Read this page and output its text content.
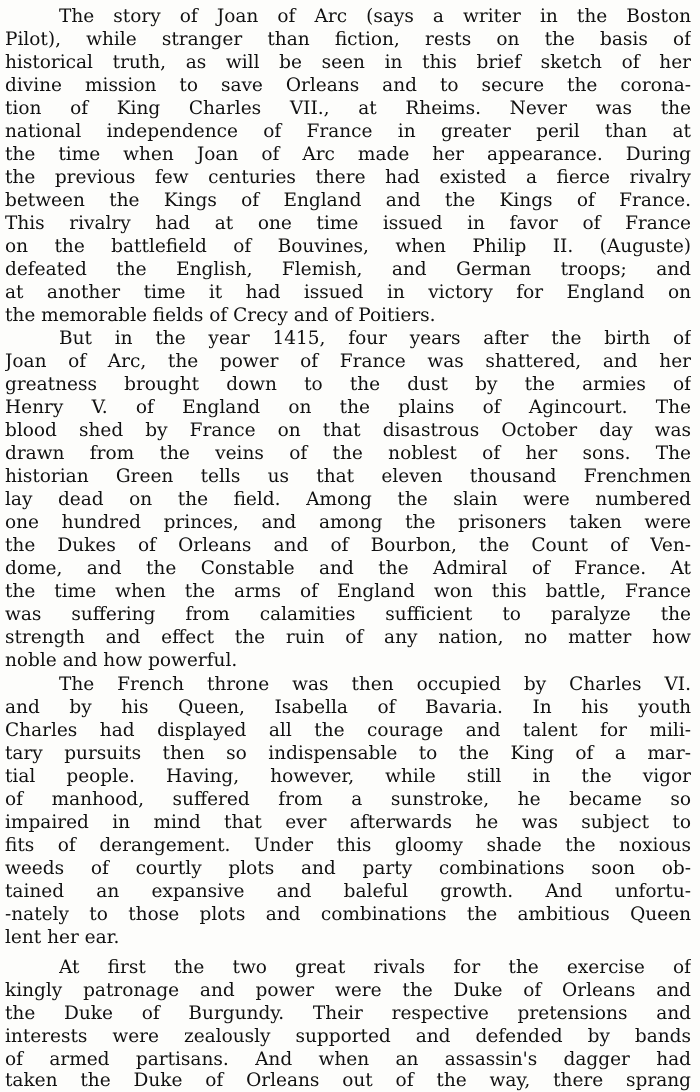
The story of Joan of Arc (says a writer in the Boston
Pilot), while stranger than fiction, rests on the basis of
historical truth, as will be seen in this brief sketch of her
divine mission to save Orleans and to secure the corona-
tion of King Charles VII., at Rheims. Never was the
national independence of France in greater peril than at
the time when Joan of Arc made her appearance. During
the previous few centuries there had existed a fierce rivalry
between the Kings of England and the Kings of France.
This rivalry had at one time issued in favor of France
on the battlefield of Bouvines, when Philip II. (Auguste)
defeated the English, Flemish, and German troops; and
at another time it had issued in victory for England on
the memorable fields of Crecy and of Poitiers.
But in the year 1415, four years after the birth of
Joan of Arc, the power of France was shattered, and her
greatness brought down to the dust by the armies of
Henry V. of England on the plains of Agincourt. The
blood shed by France on that disastrous October day was
drawn from the veins of the noblest of her sons. The
historian Green tells us that eleven thousand Frenchmen
lay dead on the field. Among the slain were numbered
one hundred princes, and among the prisoners taken were
the Dukes of Orleans and of Bourbon, the Count of Ven-
dome, and the Constable and the Admiral of France. At
the time when the arms of England won this battle, France
was suffering from calamities sufficient to paralyze the
strength and effect the ruin of any nation, no matter how
noble and how powerful.
The French throne was then occupied by Charles VI.
and by his Queen, Isabella of Bavaria. In his youth
Charles had displayed all the courage and talent for mili-
tary pursuits then so indispensable to the King of a mar-
tial people. Having, however, while still in the vigor
of manhood, suffered from a sunstroke, he became so
impaired in mind that ever afterwards he was subject to
fits of derangement. Under this gloomy shade the noxious
weeds of courtly plots and party combinations soon ob-
tained an expansive and baleful growth. And unfortu-
-nately to those plots and combinations the ambitious Queen
lent her ear.
At first the two great rivals for the exercise of
kingly patronage and power were the Duke of Orleans and
the Duke of Burgundy. Their respective pretensions and
interests were zealously supported and defended by bands
of armed partisans. And when an assassin's dagger had
taken the Duke of Orleans out of the way, there sprang
